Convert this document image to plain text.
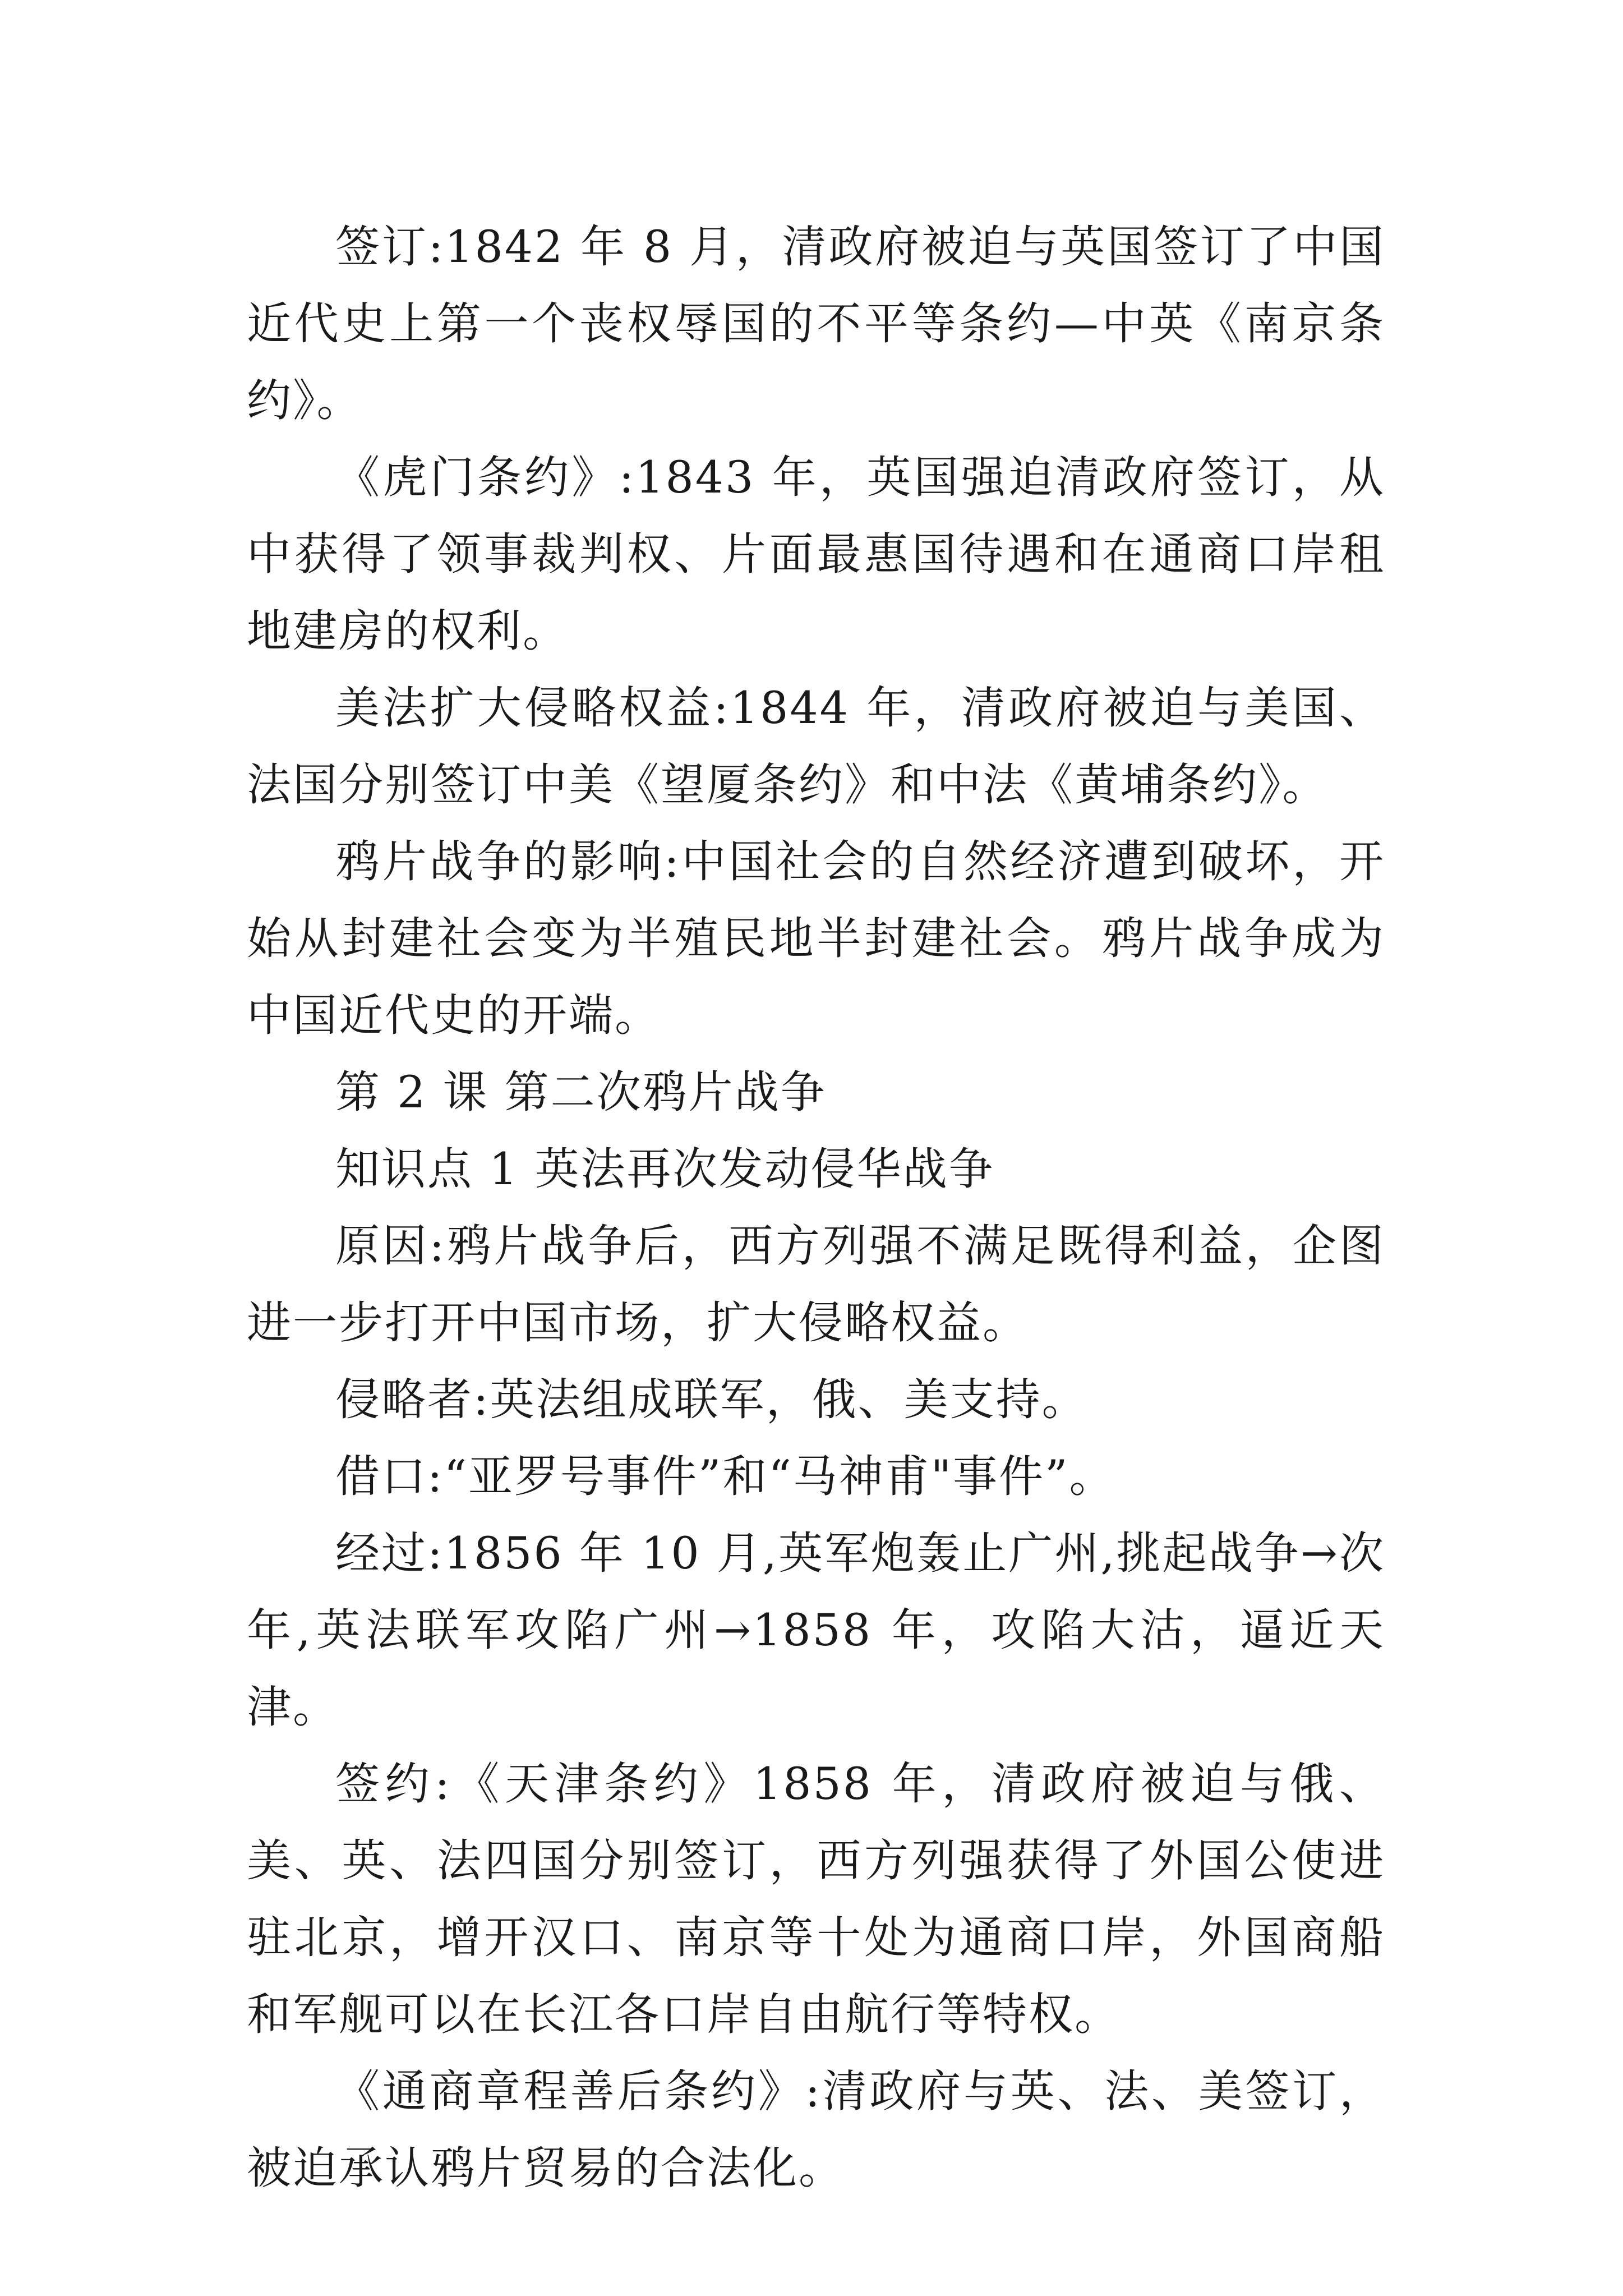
签订:1842 年 8 月，清政府被迫与英国签订了中国近代史上第一个丧权辱国的不平等条约—中英《南京条约》。

《虎门条约》:1843 年，英国强迫清政府签订，从中获得了领事裁判权、片面最惠国待遇和在通商口岸租地建房的权利。

美法扩大侵略权益:1844 年，清政府被迫与美国、法国分别签订中美《望厦条约》和中法《黄埔条约》。

鸦片战争的影响:中国社会的自然经济遭到破坏，开始从封建社会变为半殖民地半封建社会。鸦片战争成为中国近代史的开端。

第 2 课 第二次鸦片战争

知识点 1 英法再次发动侵华战争

原因:鸦片战争后，西方列强不满足既得利益，企图进一步打开中国市场，扩大侵略权益。

侵略者:英法组成联军，俄、美支持。

借口:“亚罗号事件”和“马神甫"事件”。

经过:1856 年 10 月,英军炮轰止广州,挑起战争→次年,英法联军攻陷广州→1858 年，攻陷大沽，逼近天津。

签约:《天津条约》1858 年，清政府被迫与俄、美、英、法四国分别签订，西方列强获得了外国公使进驻北京，增开汉口、南京等十处为通商口岸，外国商船和军舰可以在长江各口岸自由航行等特权。

《通商章程善后条约》:清政府与英、法、美签订，被迫承认鸦片贸易的合法化。
